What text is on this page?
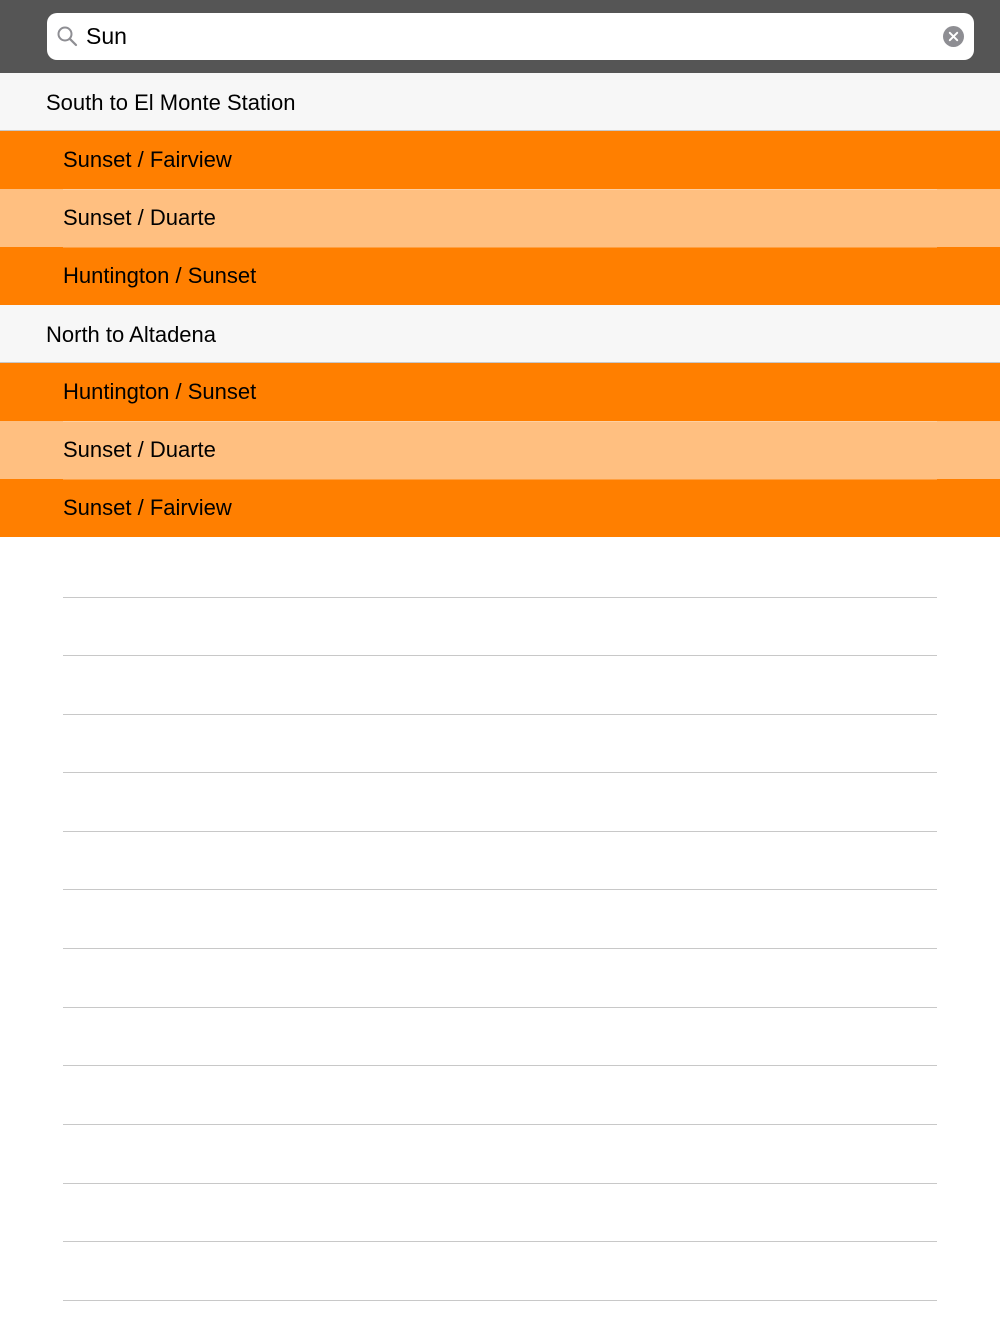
Sun
South to El Monte Station
Sunset / Fairview
Sunset / Duarte
Huntington / Sunset
North to Altadena
Huntington / Sunset
Sunset / Duarte
Sunset / Fairview
